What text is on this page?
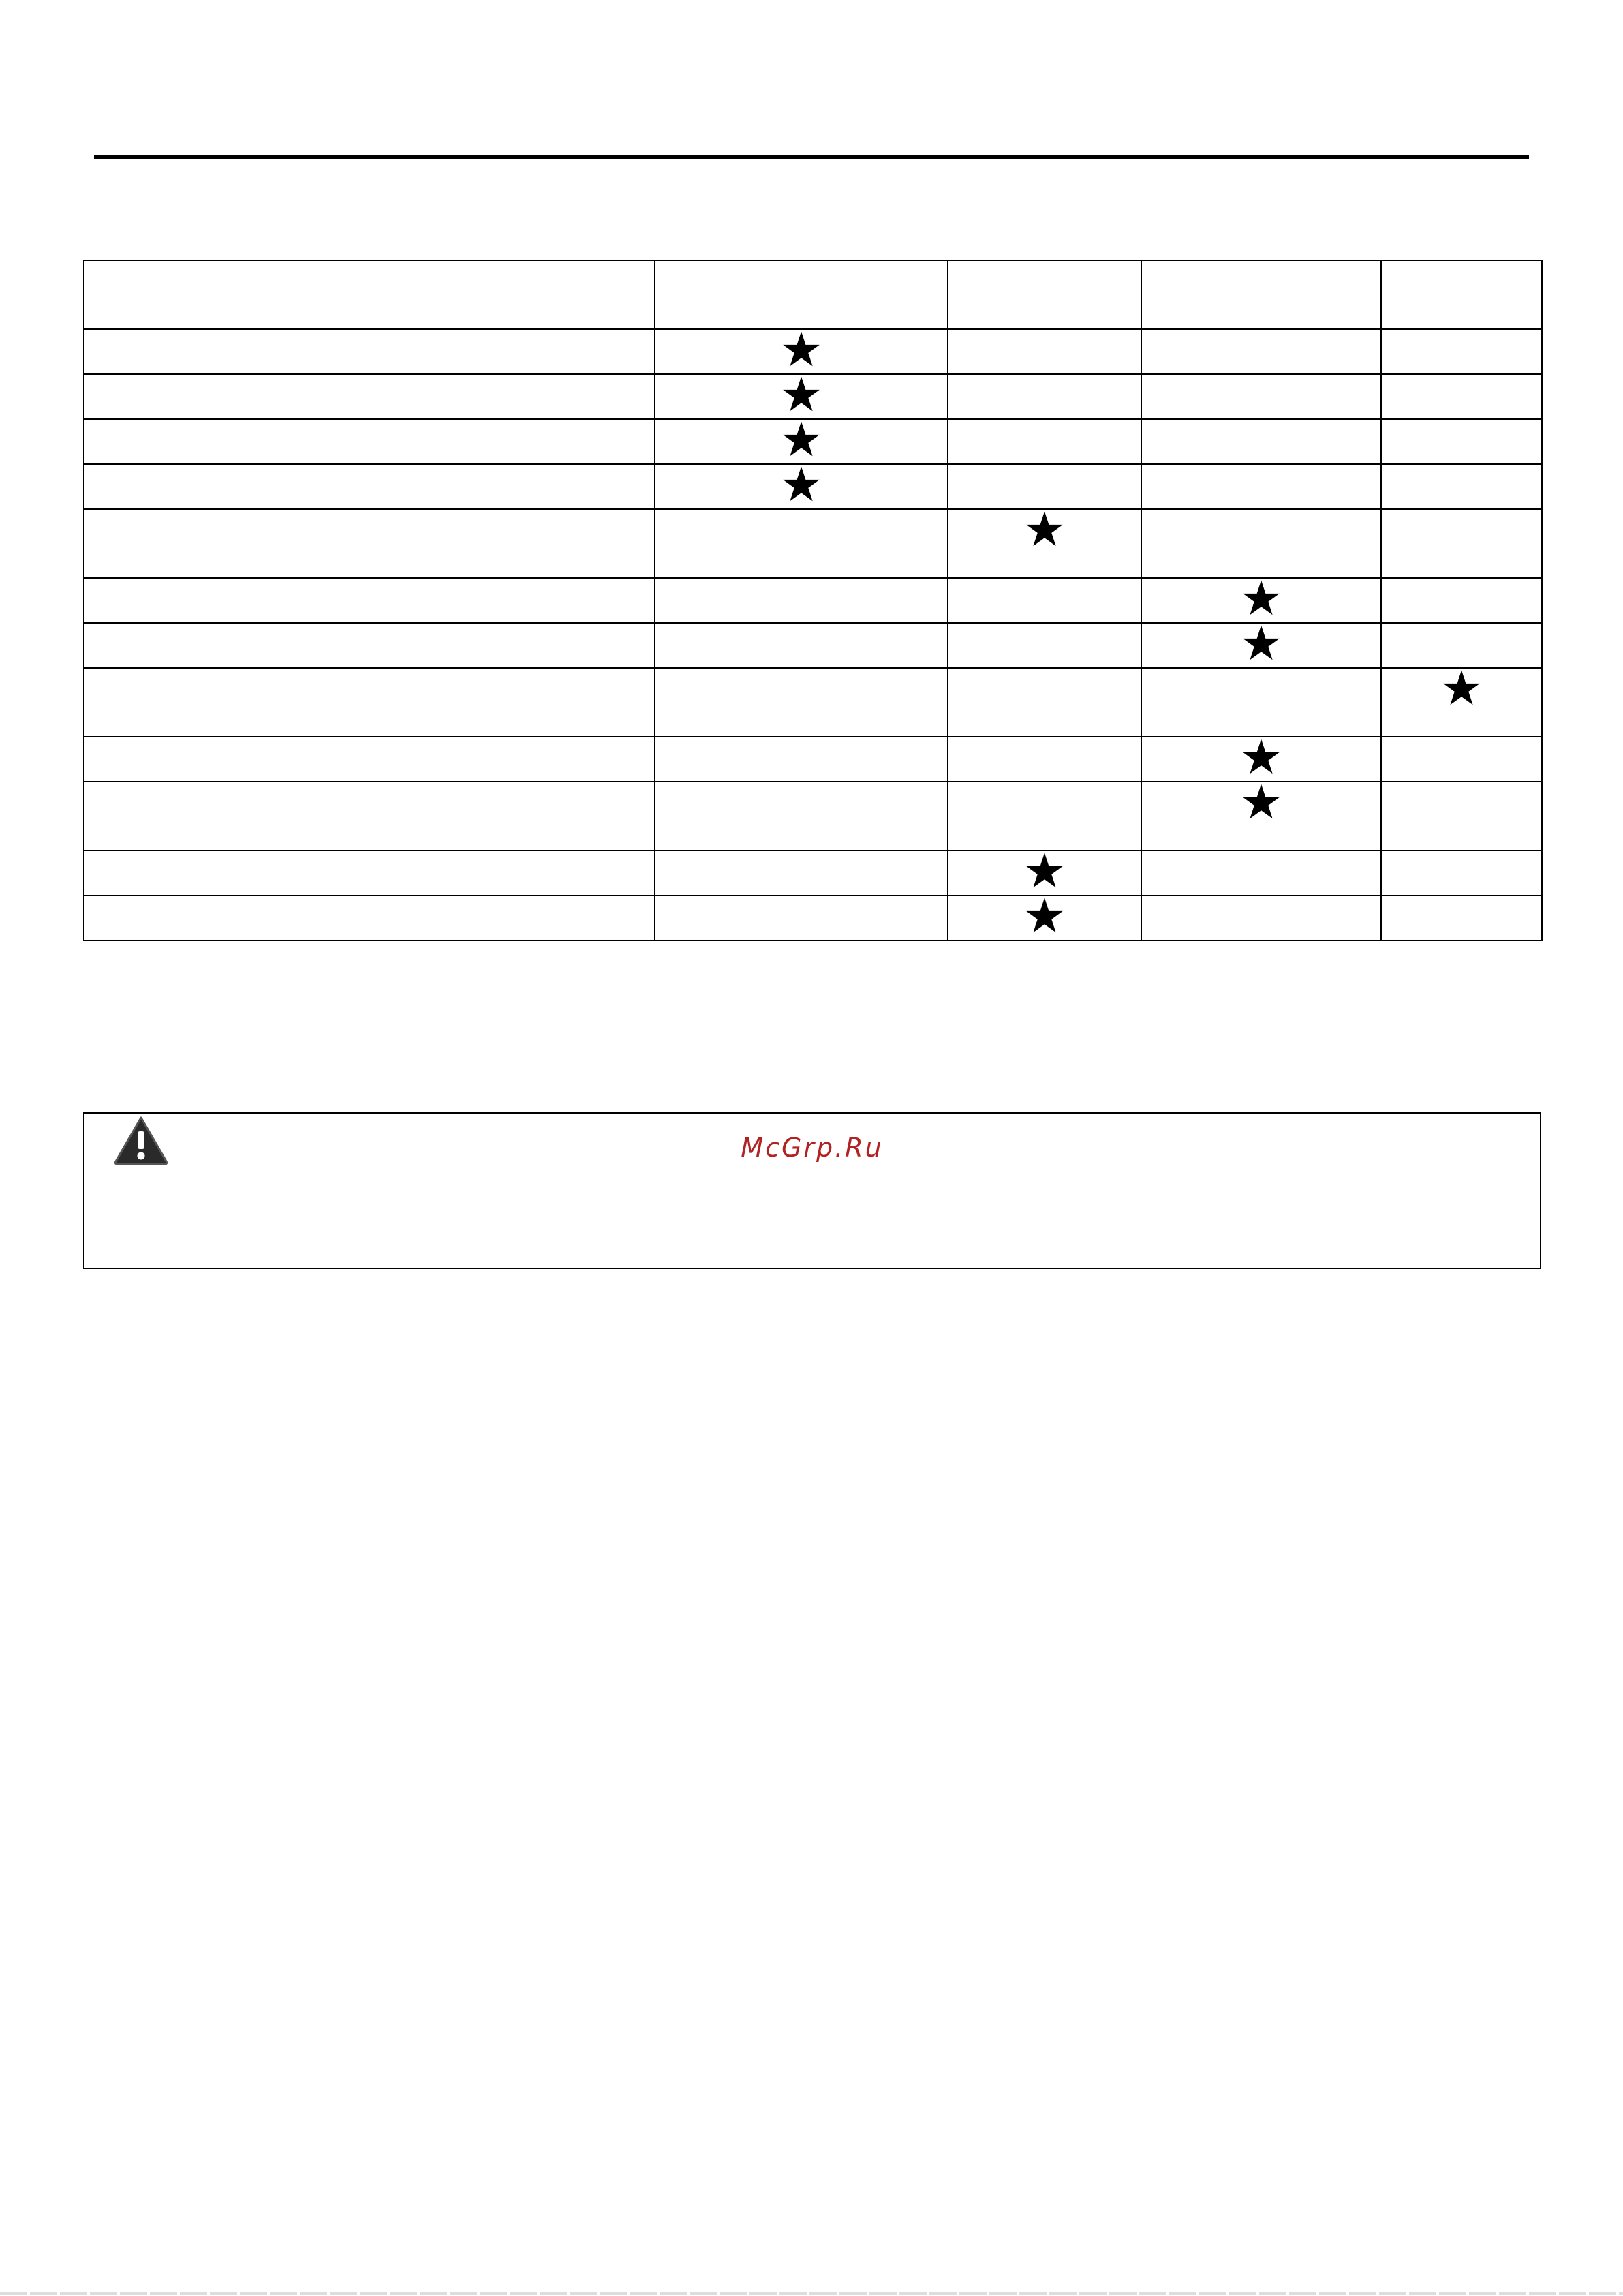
	★			
	★			
	★			
	★			
		★		
			★	
			★	
				★
			★	
			★	
		★		
		★		
McGrp.Ru
